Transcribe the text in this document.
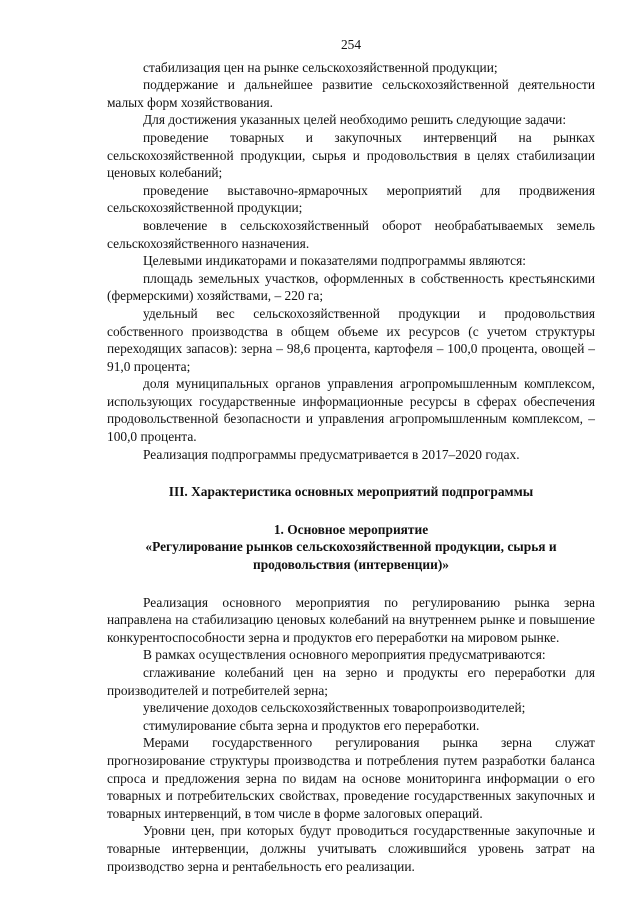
254

стабилизация цен на рынке сельскохозяйственной продукции;

поддержание и дальнейшее развитие сельскохозяйственной деятельности малых форм хозяйствования.

Для достижения указанных целей необходимо решить следующие задачи:

проведение товарных и закупочных интервенций на рынках сельскохозяйственной продукции, сырья и продовольствия в целях стабилизации ценовых колебаний;

проведение выставочно-ярмарочных мероприятий для продвижения сельскохозяйственной продукции;

вовлечение в сельскохозяйственный оборот необрабатываемых земель сельскохозяйственного назначения.

Целевыми индикаторами и показателями подпрограммы являются:

площадь земельных участков, оформленных в собственность крестьянскими (фермерскими) хозяйствами, – 220 га;

удельный вес сельскохозяйственной продукции и продовольствия собственного производства в общем объеме их ресурсов (с учетом структуры переходящих запасов): зерна – 98,6 процента, картофеля – 100,0 процента, овощей – 91,0 процента;

доля муниципальных органов управления агропромышленным комплексом, использующих государственные информационные ресурсы в сферах обеспечения продовольственной безопасности и управления агропромышленным комплексом, – 100,0 процента.

Реализация подпрограммы предусматривается в 2017–2020 годах.

III. Характеристика основных мероприятий подпрограммы

1. Основное мероприятие
«Регулирование рынков сельскохозяйственной продукции, сырья и
продовольствия (интервенции)»

Реализация основного мероприятия по регулированию рынка зерна направлена на стабилизацию ценовых колебаний на внутреннем рынке и повышение конкурентоспособности зерна и продуктов его переработки на мировом рынке.

В рамках осуществления основного мероприятия предусматриваются:

сглаживание колебаний цен на зерно и продукты его переработки для производителей и потребителей зерна;

увеличение доходов сельскохозяйственных товаропроизводителей;

стимулирование сбыта зерна и продуктов его переработки.

Мерами государственного регулирования рынка зерна служат прогнозирование структуры производства и потребления путем разработки баланса спроса и предложения зерна по видам на основе мониторинга информации о его товарных и потребительских свойствах, проведение государственных закупочных и товарных интервенций, в том числе в форме залоговых операций.

Уровни цен, при которых будут проводиться государственные закупочные и товарные интервенции, должны учитывать сложившийся уровень затрат на производство зерна и рентабельность его реализации.
